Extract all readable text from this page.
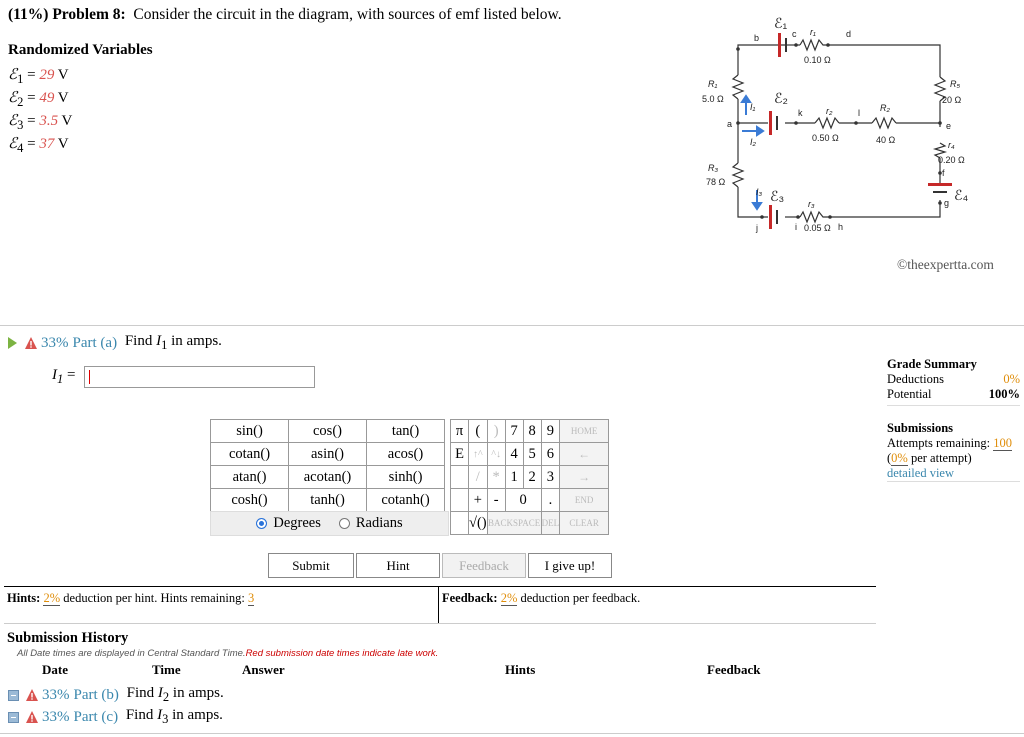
(11%) Problem 8: Consider the circuit in the diagram, with sources of emf listed below.
Randomized Variables
ℰ$_1$ = 29 V
ℰ$_2$ = 49 V
ℰ$_3$ = 3.5 V
ℰ$_4$ = 37 V
ℰ₁
ℰ₂
ℰ₃	ℰ₄
r₁
0.10 Ω
r₂
0.50 Ω
r₃
0.05 Ω
r₄
0.20 Ω
R₁
5.0 Ω
R₂
40 Ω
R₃
78 Ω
R₅
20 Ω
I₁
I₂
I₃
b	c	d
a
k	l
e
f
g
h
i
j
©theexpertta.com
33% Part (a) Find $I_1$ in amps.
$I_1$ =
sin()	cos()	tan()
cotan()	asin()	acos()
atan()	acotan()	sinh()
cosh()	tanh()	cotanh()
Degrees Radians
π	(	)	7	8	9	HOME
E	↑^	^↓	4	5	6	←
	/	*	1	2	3	→
	+	-	0		.	END
	√()	BACKSPACE			DEL	CLEAR
Submit	Hint	Feedback	I give up!
Grade Summary
Deductions	0%
Potential	100%
Submissions
Attempts remaining: 100
(0% per attempt)
detailed view
Hints: 2% deduction per hint. Hints remaining: 3	Feedback: 2% deduction per feedback.
Submission History
All Date times are displayed in Central Standard Time.Red submission date times indicate late work.
Date	Time	Answer	Hints	Feedback
33% Part (b) Find $I_2$ in amps.
33% Part (c) Find $I_3$ in amps.
